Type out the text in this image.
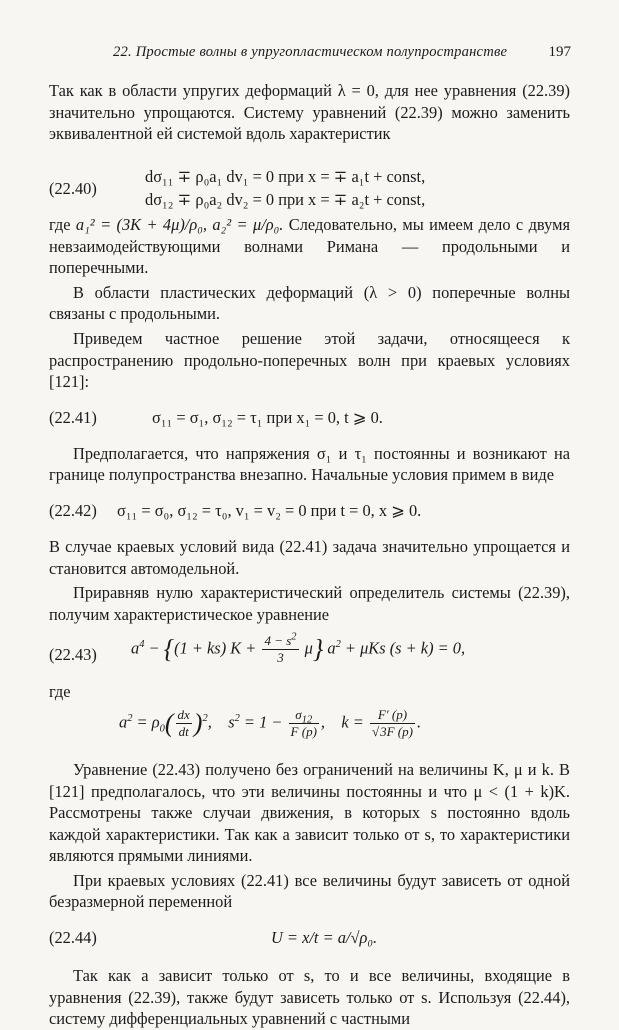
22. Простые волны в упругопластическом полупространстве	197

Так как в области упругих деформаций λ = 0, для нее уравнения (22.39) значительно упрощаются. Систему уравнений (22.39) можно заменить эквивалентной ей системой вдоль характеристик

(22.40)
dσ₁₁ ∓ ρ₀a₁ dv₁ = 0 при x = ∓ a₁t + const,
dσ₁₂ ∓ ρ₀a₂ dv₂ = 0 при x = ∓ a₂t + const,

где a₁² = (3K + 4μ)/ρ₀, a₂² = μ/ρ₀. Следовательно, мы имеем дело с двумя невзаимодействующими волнами Римана — продольными и поперечными.

В области пластических деформаций (λ > 0) поперечные волны связаны с продольными.

Приведем частное решение этой задачи, относящееся к распространению продольно-поперечных волн при краевых условиях [121]:

(22.41)	σ₁₁ = σ₁, σ₁₂ = τ₁ при x₁ = 0, t ⩾ 0.

Предполагается, что напряжения σ₁ и τ₁ постоянны и возникают на границе полупространства внезапно. Начальные условия примем в виде

(22.42) σ₁₁ = σ₀, σ₁₂ = τ₀, v₁ = v₂ = 0 при t = 0, x ⩾ 0.

В случае краевых условий вида (22.41) задача значительно упрощается и становится автомодельной.

Приравняв нулю характеристический определитель системы (22.39), получим характеристическое уравнение

(22.43) $a^4 - \{(1 + ks) K + \frac{4 - s^2}{3} \mu\} a^2 + \mu Ks$ (s + k) = 0,

где

$a^2 = \rho_0( \frac{dx}{dt} )^2$,    $s^2 = 1 - \frac{\sigma_{12}}{F (p)}$ ,    $k = \frac{F' (p)}{√3F (p)}$ .

Уравнение (22.43) получено без ограничений на величины K, μ и k. В [121] предполагалось, что эти величины постоянны и что μ < (1 + k)K. Рассмотрены также случаи движения, в которых s постоянно вдоль каждой характеристики. Так как a зависит только от s, то характеристики являются прямыми линиями.

При краевых условиях (22.41) все величины будут зависеть от одной безразмерной переменной

(22.44)	U = x/t = a/√ρ₀.

Так как a зависит только от s, то и все величины, входящие в уравнения (22.39), также будут зависеть только от s. Используя (22.44), систему дифференциальных уравнений с частными
